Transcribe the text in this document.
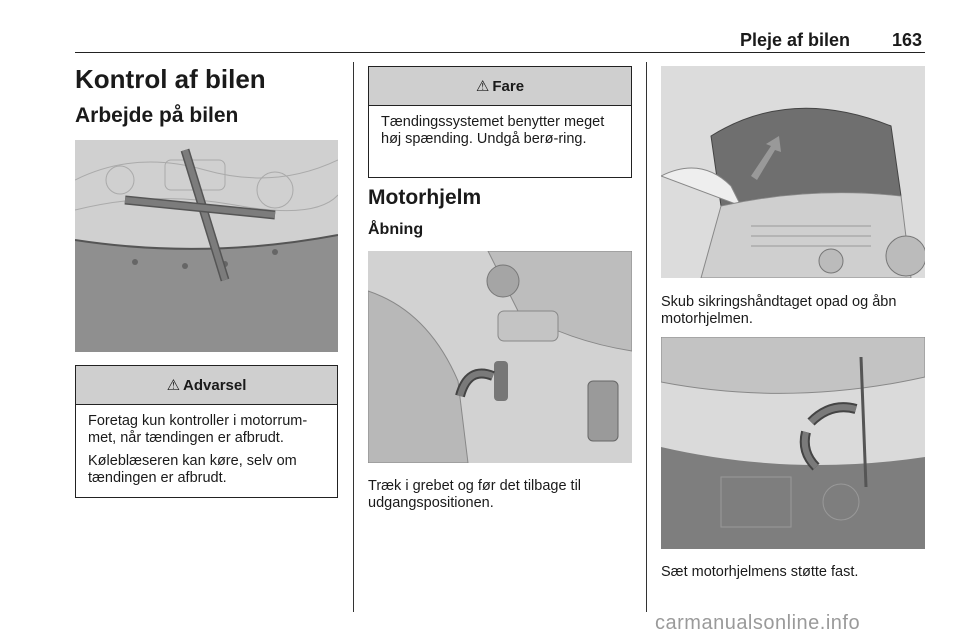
Pleje af bilen	163
Kontrol af bilen
Arbejde på bilen
⚠ Advarsel

Foretag kun kontroller i motorrum-met, når tændingen er afbrudt.

Køleblæseren kan køre, selv om tændingen er afbrudt.

⚠ Fare

Tændingssystemet benytter meget høj spænding. Undgå berø-ring.

Motorhjelm
Åbning
Træk i grebet og før det tilbage til udgangspositionen.
Skub sikringshåndtaget opad og åbn motorhjelmen.
Sæt motorhjelmens støtte fast.
carmanualsonline.info
